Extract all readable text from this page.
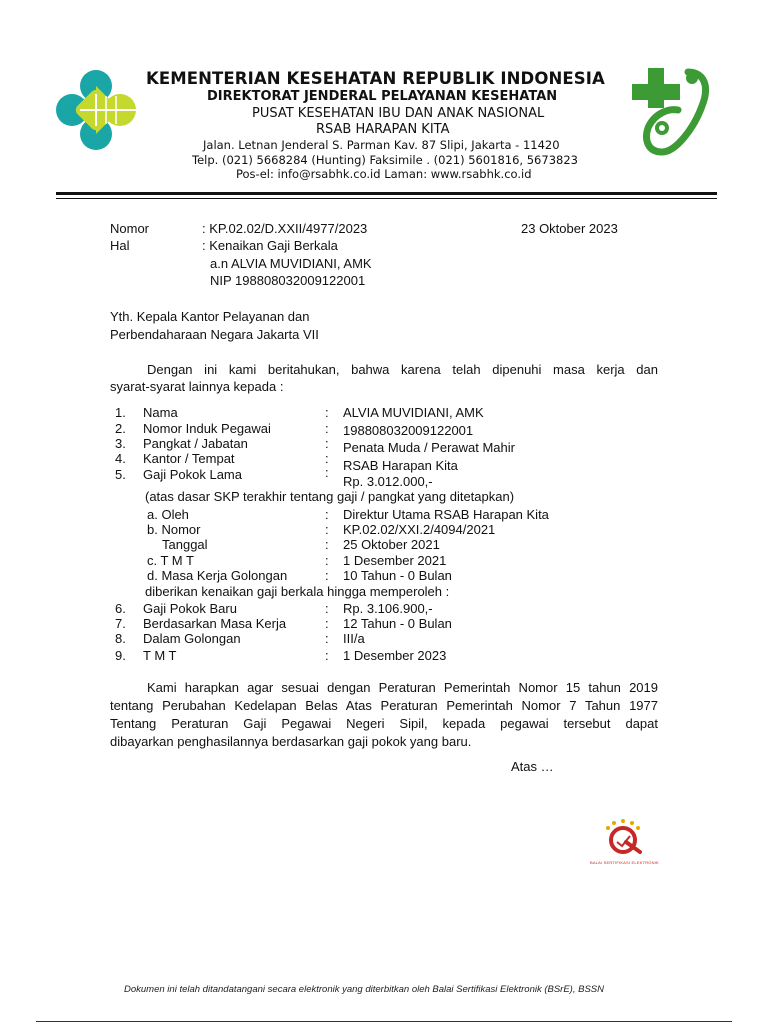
KEMENTERIAN KESEHATAN REPUBLIK INDONESIA
DIREKTORAT JENDERAL PELAYANAN KESEHATAN
PUSAT KESEHATAN IBU DAN ANAK NASIONAL
RSAB HARAPAN KITA
Jalan. Letnan Jenderal S. Parman Kav. 87 Slipi, Jakarta - 11420
Telp. (021) 5668284 (Hunting) Faksimile . (021) 5601816, 5673823
Pos-el: info@rsabhk.co.id Laman: www.rsabhk.co.id
Nomor	: KP.02.02/D.XXII/4977/2023	23 Oktober 2023
Hal	: Kenaikan Gaji Berkala
a.n ALVIA MUVIDIANI, AMK
NIP 198808032009122001
Yth. Kepala Kantor Pelayanan dan
Perbendaharaan Negara Jakarta VII
Dengan ini kami beritahukan, bahwa karena telah dipenuhi masa kerja dan
syarat-syarat lainnya kepada :
1. Nama	: ALVIA MUVIDIANI, AMK
2. Nomor Induk Pegawai	: 198808032009122001
3. Pangkat / Jabatan	: Penata Muda / Perawat Mahir
4. Kantor / Tempat	: RSAB Harapan Kita
5. Gaji Pokok Lama	:
Rp. 3.012.000,-
(atas dasar SKP terakhir tentang gaji / pangkat yang ditetapkan)
a. Oleh	: Direktur Utama RSAB Harapan Kita
b. Nomor	: KP.02.02/XXI.2/4094/2021
Tanggal	: 25 Oktober 2021
c. T M T	: 1 Desember 2021
d. Masa Kerja Golongan	: 10 Tahun - 0 Bulan
diberikan kenaikan gaji berkala hingga memperoleh :
6. Gaji Pokok Baru	: Rp. 3.106.900,-
7. Berdasarkan Masa Kerja	: 12 Tahun - 0 Bulan
8. Dalam Golongan	: III/a
9. T M T	: 1 Desember 2023
Kami harapkan agar sesuai dengan Peraturan Pemerintah Nomor 15 tahun 2019
tentang Perubahan Kedelapan Belas Atas Peraturan Pemerintah Nomor 7 Tahun 1977
Tentang Peraturan Gaji Pegawai Negeri Sipil, kepada pegawai tersebut dapat
dibayarkan penghasilannya berdasarkan gaji pokok yang baru.
Atas …
BALAI SERTIFIKASI ELEKTRONIK
Dokumen ini telah ditandatangani secara elektronik yang diterbitkan oleh Balai Sertifikasi Elektronik (BSrE), BSSN
